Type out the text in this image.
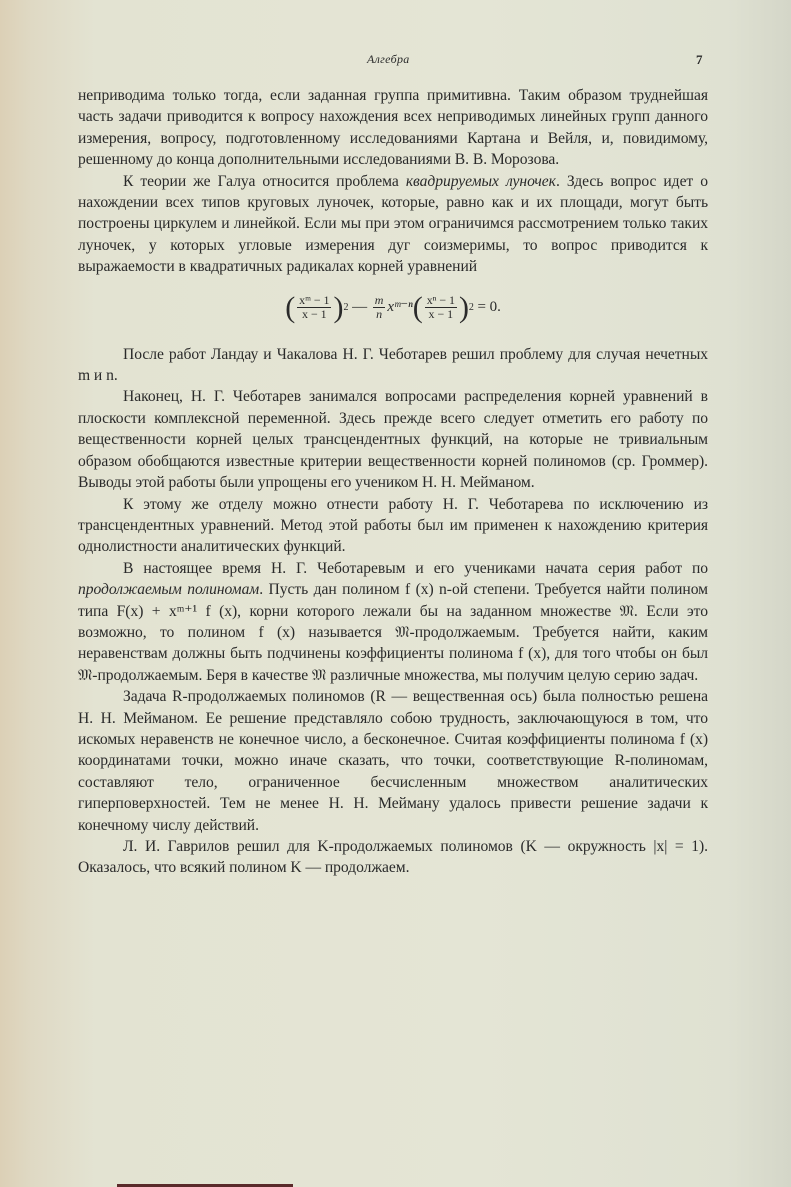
Алгебра	7

неприводима только тогда, если заданная группа примитивна. Таким образом труднейшая часть задачи приводится к вопросу нахождения всех неприводимых линейных групп данного измерения, вопросу, подготовленному исследованиями Картана и Вейля, и, повидимому, решенному до конца дополнительными исследованиями В. В. Морозова.

К теории же Галуа относится проблема квадрируемых луночек. Здесь вопрос идет о нахождении всех типов круговых луночек, которые, равно как и их площади, могут быть построены циркулем и линейкой. Если мы при этом ограничимся рассмотрением только таких луночек, у которых угловые измерения дуг соизмеримы, то вопрос приводится к выражаемости в квадратичных радикалах корней уравнений

( $\frac{\text{xᵐ − 1}}{x - 1}$ ) 2
—
$\frac{m}{n}$ xᵐ⁻ⁿ ( $\frac{\text{xⁿ − 1}}{x - 1}$ ) 2
= 0.

После работ Ландау и Чакалова Н. Г. Чеботарев решил проблему для случая нечетных m и n.

Наконец, Н. Г. Чеботарев занимался вопросами распределения корней уравнений в плоскости комплексной переменной. Здесь прежде всего следует отметить его работу по вещественности корней целых трансцендентных функций, на которые не тривиальным образом обобщаются известные критерии вещественности корней полиномов (ср. Громмер). Выводы этой работы были упрощены его учеником Н. Н. Мейманом.

К этому же отделу можно отнести работу Н. Г. Чеботарева по исключению из трансцендентных уравнений. Метод этой работы был им применен к нахождению критерия однолистности аналитических функций.

В настоящее время Н. Г. Чеботаревым и его учениками начата серия работ по продолжаемым полиномам. Пусть дан полином f (x) n-ой степени. Требуется найти полином типа F(x) + xᵐ⁺¹ f (x), корни которого лежали бы на заданном множестве 𝔐. Если это возможно, то полином f (x) называется 𝔐-продолжаемым. Требуется найти, каким неравенствам должны быть подчинены коэффициенты полинома f (x), для того чтобы он был 𝔐-продолжаемым. Беря в качестве 𝔐 различные множества, мы получим целую серию задач.

Задача R-продолжаемых полиномов (R — вещественная ось) была полностью решена Н. Н. Мейманом. Ее решение представляло собою трудность, заключающуюся в том, что искомых неравенств не конечное число, а бесконечное. Считая коэффициенты полинома f (x) координатами точки, можно иначе сказать, что точки, соответствующие R-полиномам, составляют тело, ограниченное бесчисленным множеством аналитических гиперповерхностей. Тем не менее Н. Н. Мейману удалось привести решение задачи к конечному числу действий.

Л. И. Гаврилов решил для K-продолжаемых полиномов (K — окружность |x| = 1). Оказалось, что всякий полином K — продолжаем.
